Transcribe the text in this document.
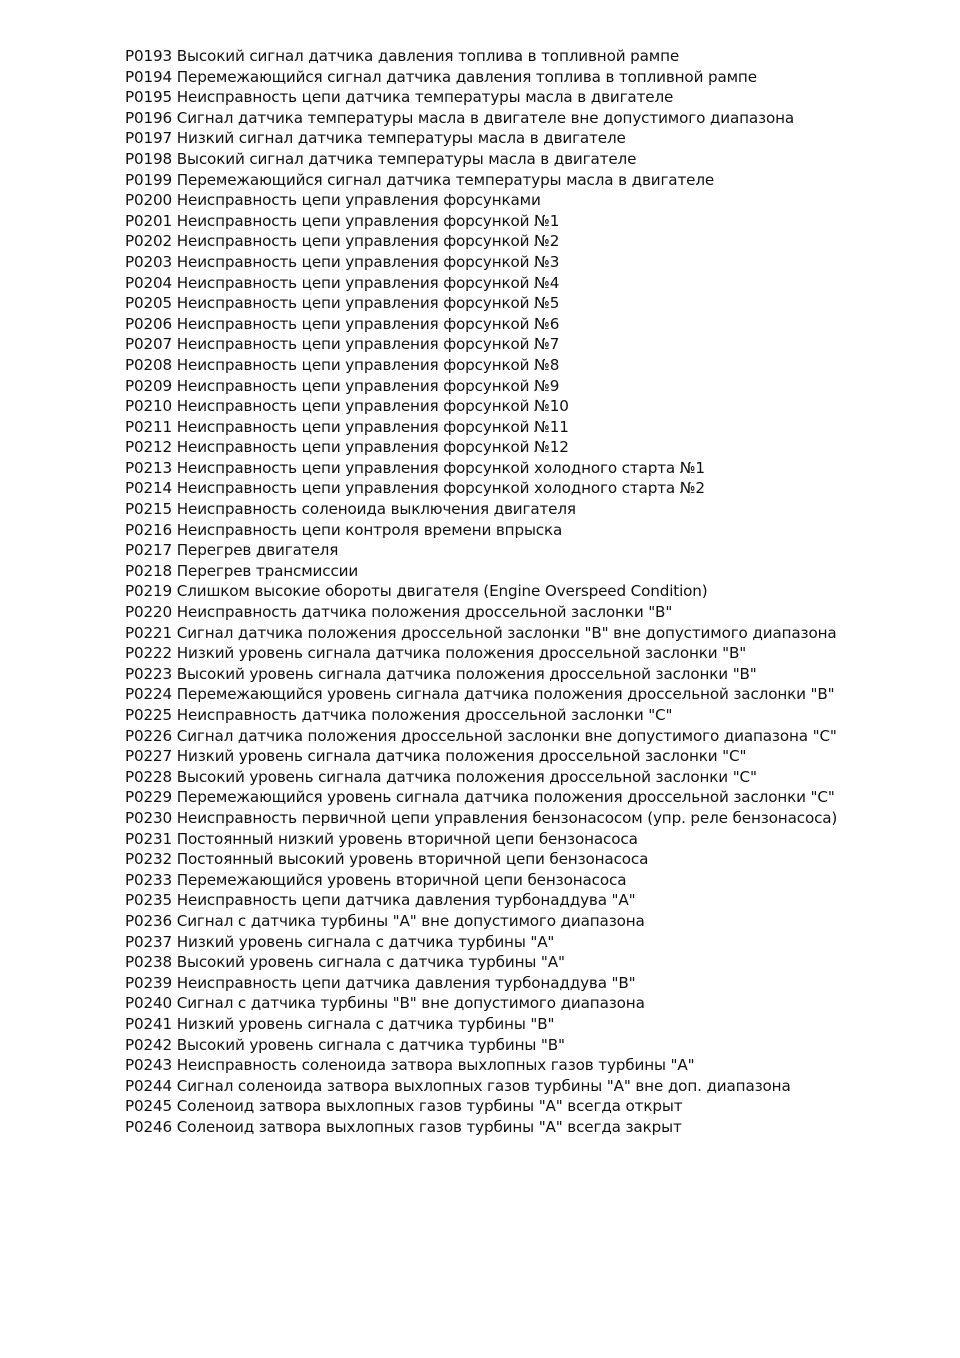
P0193 Высокий сигнал датчика давления топлива в топливной рампе

P0194 Перемежающийся сигнал датчика давления топлива в топливной рампе

P0195 Неисправность цепи датчика температуры масла в двигателе

P0196 Сигнал датчика температуры масла в двигателе вне допустимого диапазона

P0197 Низкий сигнал датчика температуры масла в двигателе

P0198 Высокий сигнал датчика температуры масла в двигателе

P0199 Перемежающийся сигнал датчика температуры масла в двигателе

P0200 Неисправность цепи управления форсунками

P0201 Неисправность цепи управления форсункой №1

P0202 Неисправность цепи управления форсункой №2

P0203 Неисправность цепи управления форсункой №3

P0204 Неисправность цепи управления форсункой №4

P0205 Неисправность цепи управления форсункой №5

P0206 Неисправность цепи управления форсункой №6

P0207 Неисправность цепи управления форсункой №7

P0208 Неисправность цепи управления форсункой №8

P0209 Неисправность цепи управления форсункой №9

P0210 Неисправность цепи управления форсункой №10

P0211 Неисправность цепи управления форсункой №11

P0212 Неисправность цепи управления форсункой №12

P0213 Неисправность цепи управления форсункой холодного старта №1

P0214 Неисправность цепи управления форсункой холодного старта №2

P0215 Неисправность соленоида выключения двигателя

P0216 Неисправность цепи контроля времени впрыска

P0217 Перегрев двигателя

P0218 Перегрев трансмиссии

P0219 Слишком высокие обороты двигателя (Engine Overspeed Condition)

P0220 Неисправность датчика положения дроссельной заслонки "B"

P0221 Сигнал датчика положения дроссельной заслонки "B" вне допустимого диапазона

P0222 Низкий уровень сигнала датчика положения дроссельной заслонки "B"

P0223 Высокий уровень сигнала датчика положения дроссельной заслонки "B"

P0224 Перемежающийся уровень сигнала датчика положения дроссельной заслонки "B"

P0225 Неисправность датчика положения дроссельной заслонки "C"

P0226 Сигнал датчика положения дроссельной заслонки вне допустимого диапазона "C"

P0227 Низкий уровень сигнала датчика положения дроссельной заслонки "C"

P0228 Высокий уровень сигнала датчика положения дроссельной заслонки "C"

P0229 Перемежающийся уровень сигнала датчика положения дроссельной заслонки "C"

P0230 Неисправность первичной цепи управления бензонасосом (упр. реле бензонасоса)

P0231 Постоянный низкий уровень вторичной цепи бензонасоса

P0232 Постоянный высокий уровень вторичной цепи бензонасоса

P0233 Перемежающийся уровень вторичной цепи бензонасоса

P0235 Неисправность цепи датчика давления турбонаддува "A"

P0236 Сигнал с датчика турбины "A" вне допустимого диапазона

P0237 Низкий уровень сигнала с датчика турбины "A"

P0238 Высокий уровень сигнала с датчика турбины "A"

P0239 Неисправность цепи датчика давления турбонаддува "B"

P0240 Сигнал с датчика турбины "B" вне допустимого диапазона

P0241 Низкий уровень сигнала с датчика турбины "B"

P0242 Высокий уровень сигнала с датчика турбины "B"

P0243 Неисправность соленоида затвора выхлопных газов турбины "A"

P0244 Сигнал соленоида затвора выхлопных газов турбины "A" вне доп. диапазона

P0245 Соленоид затвора выхлопных газов турбины "A" всегда открыт

P0246 Соленоид затвора выхлопных газов турбины "A" всегда закрыт
